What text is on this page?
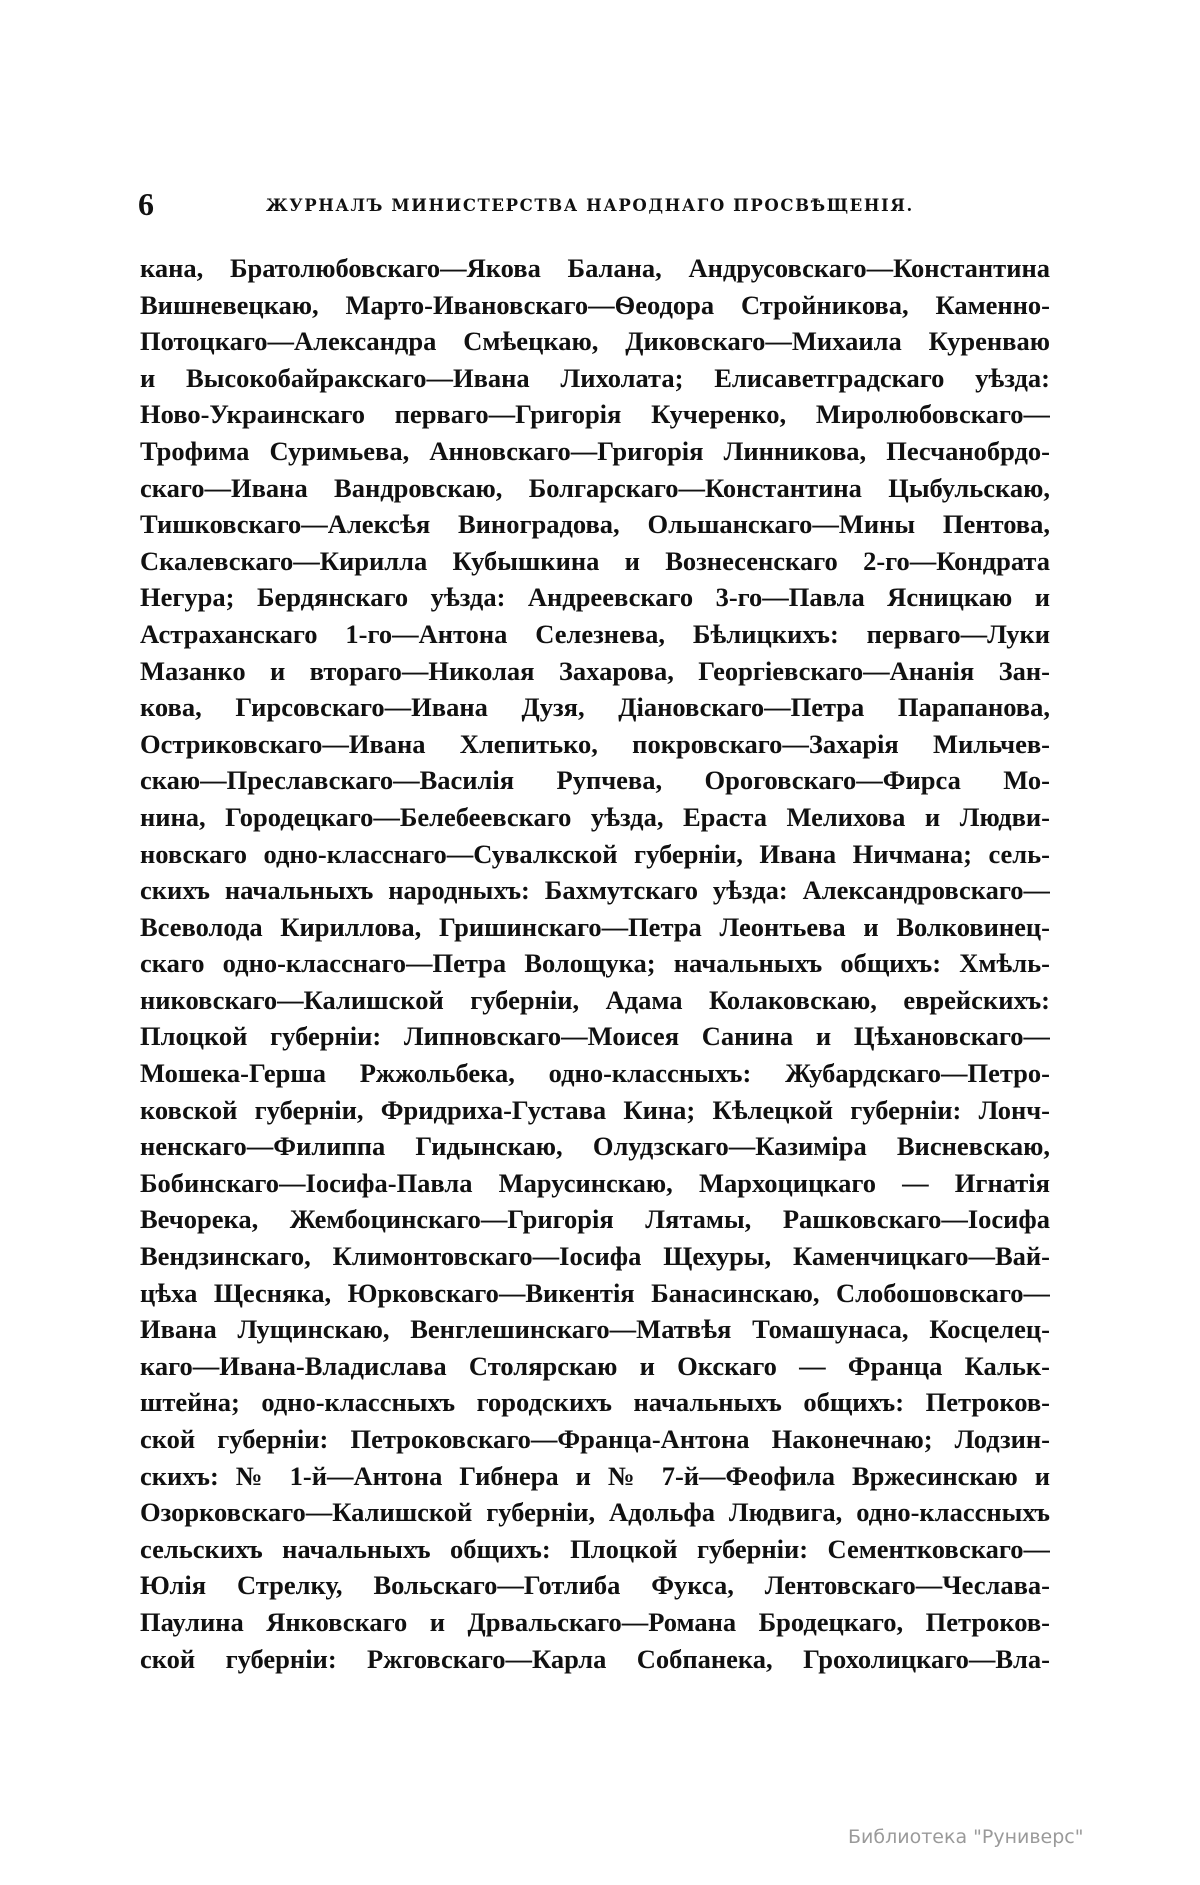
6	ЖУРНАЛЪ МИНИСТЕРСТВА НАРОДНАГО ПРОСВѢЩЕНІЯ.
кана, Братолюбовскаго—Якова Балана, Андрусовскаго—Константина
Вишневецкаю, Марто-Ивановскаго—Ѳеодора Стройникова, Каменно-
Потоцкаго—Александра Смѣецкаю, Диковскаго—Михаила Куренваю
и Высокобайракскаго—Ивана Лихолата; Елисаветградскаго уѣзда:
Ново-Украинскаго перваго—Григорія Кучеренко, Миролюбовскаго—
Трофима Суримьева, Анновскаго—Григорія Линникова, Песчанобрдо-
скаго—Ивана Вандровскаю, Болгарскаго—Константина Цыбульскаю,
Тишковскаго—Алексѣя Виноградова, Ольшанскаго—Мины Пентова,
Скалевскаго—Кирилла Кубышкина и Вознесенскаго 2-го—Кондрата
Негура; Бердянскаго уѣзда: Андреевскаго 3-го—Павла Ясницкаю и
Астраханскаго 1-го—Антона Селезнева, Бѣлицкихъ: перваго—Луки
Мазанко и втораго—Николая Захарова, Георгіевскаго—Ананія Зан-
кова, Гирсовскаго—Ивана Дузя, Діановскаго—Петра Парапанова,
Остриковскаго—Ивана Хлепитько, покровскаго—Захарія Мильчев-
скаю—Преславскаго—Василія Рупчева, Ороговскаго—Фирса Мо-
нина, Городецкаго—Белебеевскаго уѣзда, Ераста Мелихова и Людви-
новскаго одно-класснаго—Сувалкской губерніи, Ивана Ничмана; сель-
скихъ начальныхъ народныхъ: Бахмутскаго уѣзда: Александровскаго—
Всеволода Кириллова, Гришинскаго—Петра Леонтьева и Волковинец-
скаго одно-класснаго—Петра Волощука; начальныхъ общихъ: Хмѣль-
никовскаго—Калишской губерніи, Адама Колаковскаю, еврейскихъ:
Плоцкой губерніи: Липновскаго—Моисея Санина и Цѣхановскаго—
Мошека-Герша Ржжольбека, одно-классныхъ: Жубардскаго—Петро-
ковской губерніи, Фридриха-Густава Кина; Кѣлецкой губерніи: Лонч-
ненскаго—Филиппа Гидынскаю, Олудзскаго—Казиміра Висневскаю,
Бобинскаго—Іосифа-Павла Марусинскаю, Мархоцицкаго — Игнатія
Вечорека, Жембоцинскаго—Григорія Лятамы, Рашковскаго—Іосифа
Вендзинскаго, Климонтовскаго—Іосифа Щехуры, Каменчицкаго—Вай-
цѣха Щесняка, Юрковскаго—Викентія Банасинскаю, Слобошовскаго—
Ивана Лущинскаю, Венглешинскаго—Матвѣя Томашунаса, Косцелец-
каго—Ивана-Владислава Столярскаю и Окскаго — Франца Кальк-
штейна; одно-классныхъ городскихъ начальныхъ общихъ: Петроков-
ской губерніи: Петроковскаго—Франца-Антона Наконечнаю; Лодзин-
скихъ: № 1-й—Антона Гибнера и № 7-й—Феофила Вржесинскаю и
Озорковскаго—Калишской губерніи, Адольфа Людвига, одно-классныхъ
сельскихъ начальныхъ общихъ: Плоцкой губерніи: Сементковскаго—
Юлія Стрелку, Вольскаго—Готлиба Фукса, Лентовскаго—Чеслава-
Паулина Янковскаго и Дрвальскаго—Романа Бродецкаго, Петроков-
ской губерніи: Ржговскаго—Карла Собпанека, Грохолицкаго—Вла-
Библиотека "Руниверс"
